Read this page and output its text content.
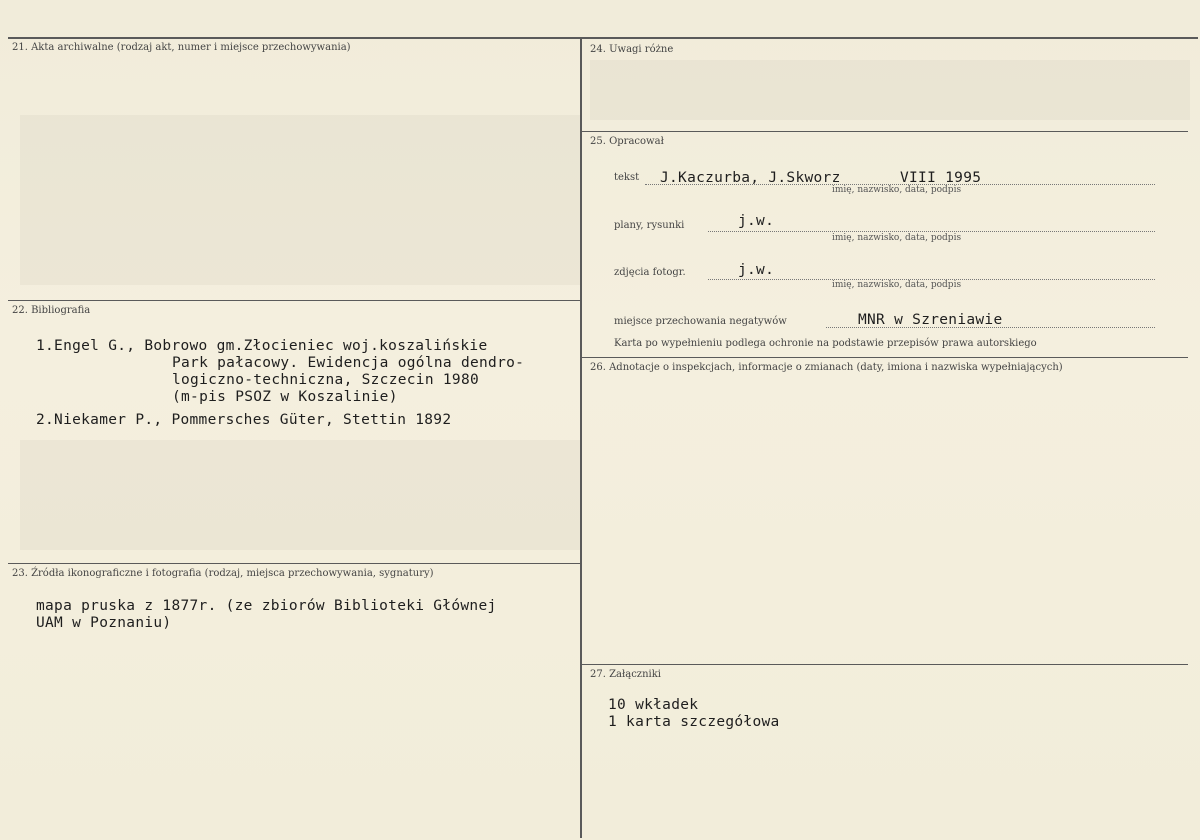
21. Akta archiwalne (rodzaj akt, numer i miejsce przechowywania)
22. Bibliografia
1.Engel G., Bobrowo gm.Złocieniec woj.koszalińskie
Park pałacowy. Ewidencja ogólna dendro-
logiczno-techniczna, Szczecin 1980
(m-pis PSOZ w Koszalinie)
2.Niekamer P., Pommersches Güter, Stettin 1892
23. Źródła ikonograficzne i fotografia (rodzaj, miejsca przechowywania, sygnatury)
mapa pruska z 1877r. (ze zbiorów Biblioteki Głównej
UAM w Poznaniu)
24. Uwagi różne
25. Opracował
tekst J.Kaczurba, J.Skworz	VIII 1995
imię, nazwisko, data, podpis
plany, rysunki	j.w.
imię, nazwisko, data, podpis
zdjęcia fotogr.	j.w.
imię, nazwisko, data, podpis
miejsce przechowania negatywów	MNR w Szreniawie
Karta po wypełnieniu podlega ochronie na podstawie przepisów prawa autorskiego
26. Adnotacje o inspekcjach, informacje o zmianach (daty, imiona i nazwiska wypełniających)
27. Załączniki
10 wkładek
1 karta szczegółowa
